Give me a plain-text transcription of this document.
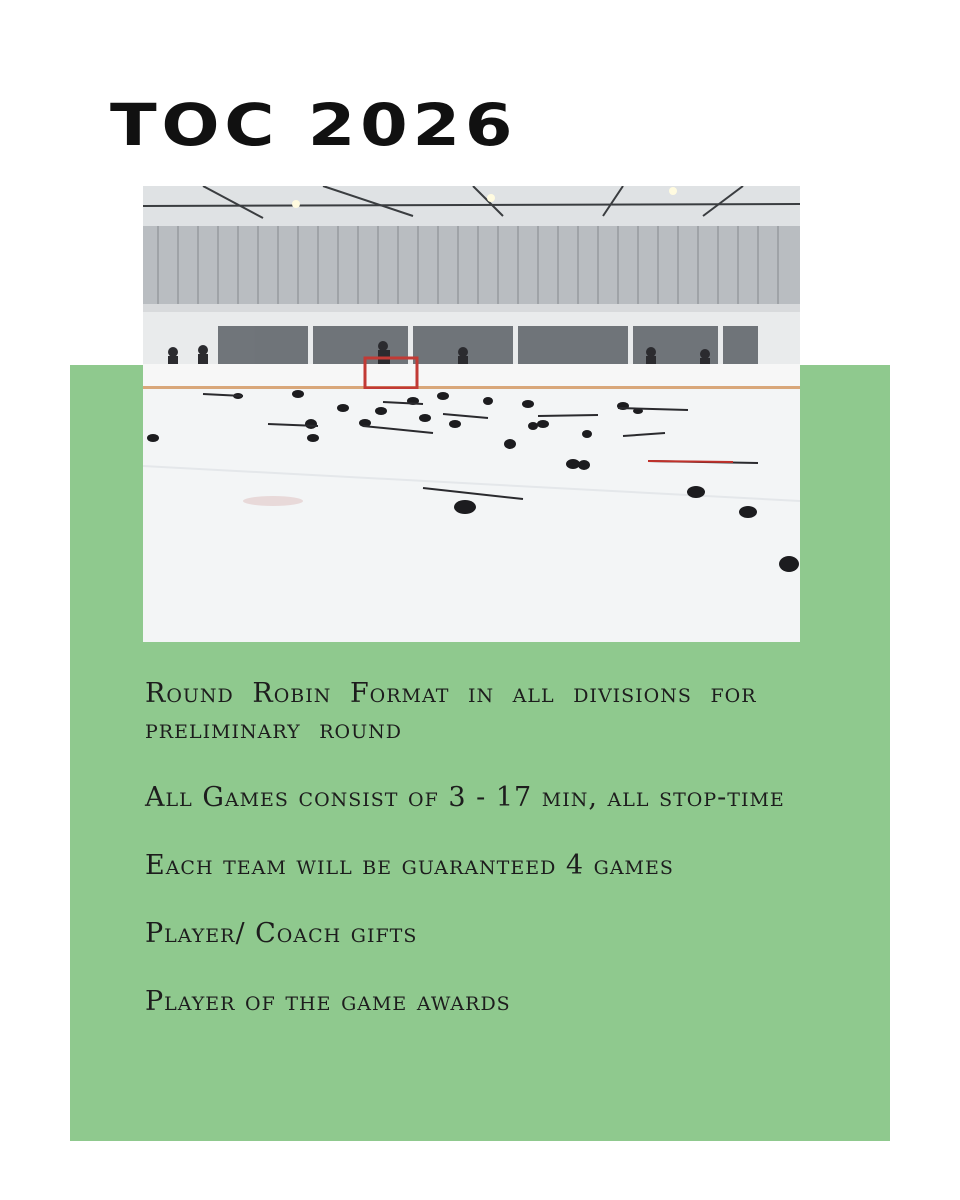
TOC 2026
Round Robin Format in all divisions for preliminary round
All Games consist of 3 - 17 min, all stop-time
Each team will be guaranteed 4 games
Player/ Coach gifts
Player of the game awards
